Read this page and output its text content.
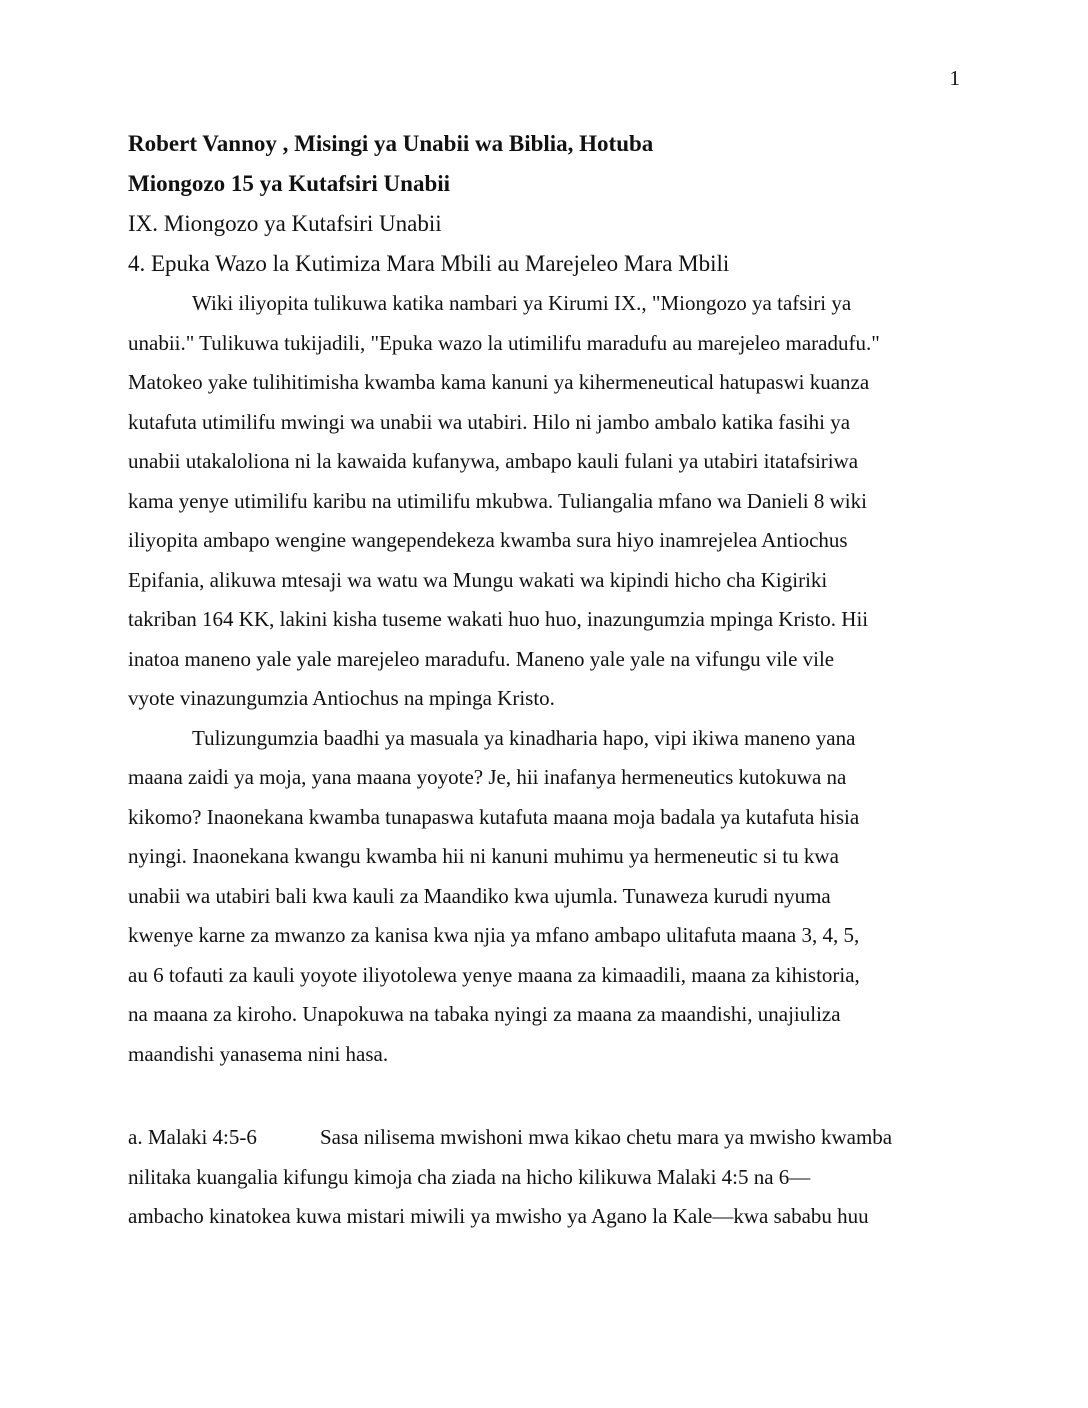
1

Robert Vannoy , Misingi ya Unabii wa Biblia, Hotuba

Miongozo 15 ya Kutafsiri Unabii

IX. Miongozo ya Kutafsiri Unabii

4. Epuka Wazo la Kutimiza Mara Mbili au Marejeleo Mara Mbili

Wiki iliyopita tulikuwa katika nambari ya Kirumi IX., "Miongozo ya tafsiri ya
unabii." Tulikuwa tukijadili, "Epuka wazo la utimilifu maradufu au marejeleo maradufu."
Matokeo yake tulihitimisha kwamba kama kanuni ya kihermeneutical hatupaswi kuanza
kutafuta utimilifu mwingi wa unabii wa utabiri. Hilo ni jambo ambalo katika fasihi ya
unabii utakaloliona ni la kawaida kufanywa, ambapo kauli fulani ya utabiri itatafsiriwa
kama yenye utimilifu karibu na utimilifu mkubwa. Tuliangalia mfano wa Danieli 8 wiki
iliyopita ambapo wengine wangependekeza kwamba sura hiyo inamrejelea Antiochus
Epifania, alikuwa mtesaji wa watu wa Mungu wakati wa kipindi hicho cha Kigiriki
takriban 164 KK, lakini kisha tuseme wakati huo huo, inazungumzia mpinga Kristo. Hii
inatoa maneno yale yale marejeleo maradufu. Maneno yale yale na vifungu vile vile
vyote vinazungumzia Antiochus na mpinga Kristo.

Tulizungumzia baadhi ya masuala ya kinadharia hapo, vipi ikiwa maneno yana
maana zaidi ya moja, yana maana yoyote? Je, hii inafanya hermeneutics kutokuwa na
kikomo? Inaonekana kwamba tunapaswa kutafuta maana moja badala ya kutafuta hisia
nyingi. Inaonekana kwangu kwamba hii ni kanuni muhimu ya hermeneutic si tu kwa
unabii wa utabiri bali kwa kauli za Maandiko kwa ujumla. Tunaweza kurudi nyuma
kwenye karne za mwanzo za kanisa kwa njia ya mfano ambapo ulitafuta maana 3, 4, 5,
au 6 tofauti za kauli yoyote iliyotolewa yenye maana za kimaadili, maana za kihistoria,
na maana za kiroho. Unapokuwa na tabaka nyingi za maana za maandishi, unajiuliza
maandishi yanasema nini hasa.

a. Malaki 4:5-6	Sasa nilisema mwishoni mwa kikao chetu mara ya mwisho kwamba
nilitaka kuangalia kifungu kimoja cha ziada na hicho kilikuwa Malaki 4:5 na 6—
ambacho kinatokea kuwa mistari miwili ya mwisho ya Agano la Kale—kwa sababu huu
